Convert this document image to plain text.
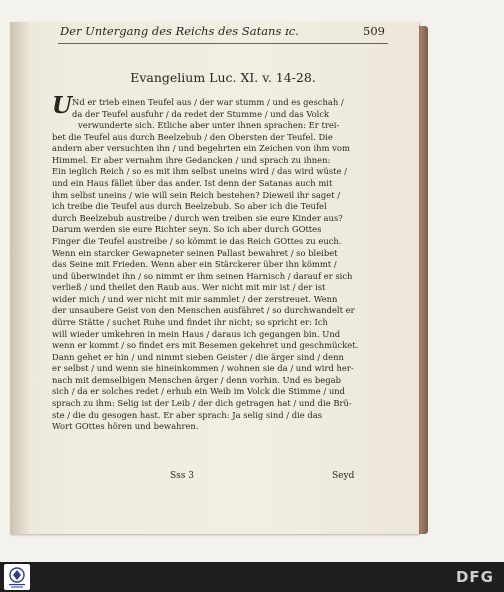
Der Untergang des Reichs des Satans ɪc.	509
Evangelium Luc. XI. v. 14-28.
U Nd er trieb einen Teufel aus / der war stumm / und es geschah /
da der Teufel ausfuhr / da redet der Stumme / und das Volck
verwunderte sich. Etliche aber unter ihnen sprachen: Er trei-
bet die Teufel aus durch Beelzebub / den Obersten der Teufel. Die
andern aber versuchten ihn / und begehrten ein Zeichen von ihm vom
Himmel. Er aber vernahm ihre Gedancken / und sprach zu ihnen:
Ein ieglich Reich / so es mit ihm selbst uneins wird / das wird wüste /
und ein Haus fället über das ander. Ist denn der Satanas auch mit
ihm selbst uneins / wie will sein Reich bestehen? Dieweil ihr saget /
ich treibe die Teufel aus durch Beelzebub. So aber ich die Teufel
durch Beelzebub austreibe / durch wen treiben sie eure Kinder aus?
Darum werden sie eure Richter seyn. So ich aber durch GOttes
Finger die Teufel austreibe / so kömmt ie das Reich GOttes zu euch.
Wenn ein starcker Gewapneter seinen Pallast bewahret / so bleibet
das Seine mit Frieden. Wenn aber ein Stärckerer über ihn kömmt /
und überwindet ihn / so nimmt er ihm seinen Harnisch / darauf er sich
verließ / und theilet den Raub aus. Wer nicht mit mir ist / der ist
wider mich / und wer nicht mit mir sammlet / der zerstreuet. Wenn
der unsaubere Geist von den Menschen ausfähret / so durchwandelt er
dürre Stätte / suchet Ruhe und findet ihr nicht; so spricht er: Ich
will wieder umkehren in mein Haus / daraus ich gegangen bin. Und
wenn er kommt / so findet ers mit Besemen gekehret und geschmücket.
Dann gehet er hin / und nimmt sieben Geister / die ärger sind / denn
er selbst / und wenn sie hineinkommen / wohnen sie da / und wird her-
nach mit demselbigen Menschen ärger / denn vorhin. Und es begab
sich / da er solches redet / erhub ein Weib im Volck die Stimme / und
sprach zu ihm: Selig ist der Leib / der dich getragen hat / und die Brü-
ste / die du gesogen hast. Er aber sprach: Ja selig sind / die das
Wort GOttes hören und bewahren.
Sss 3	Seyd
DFG
